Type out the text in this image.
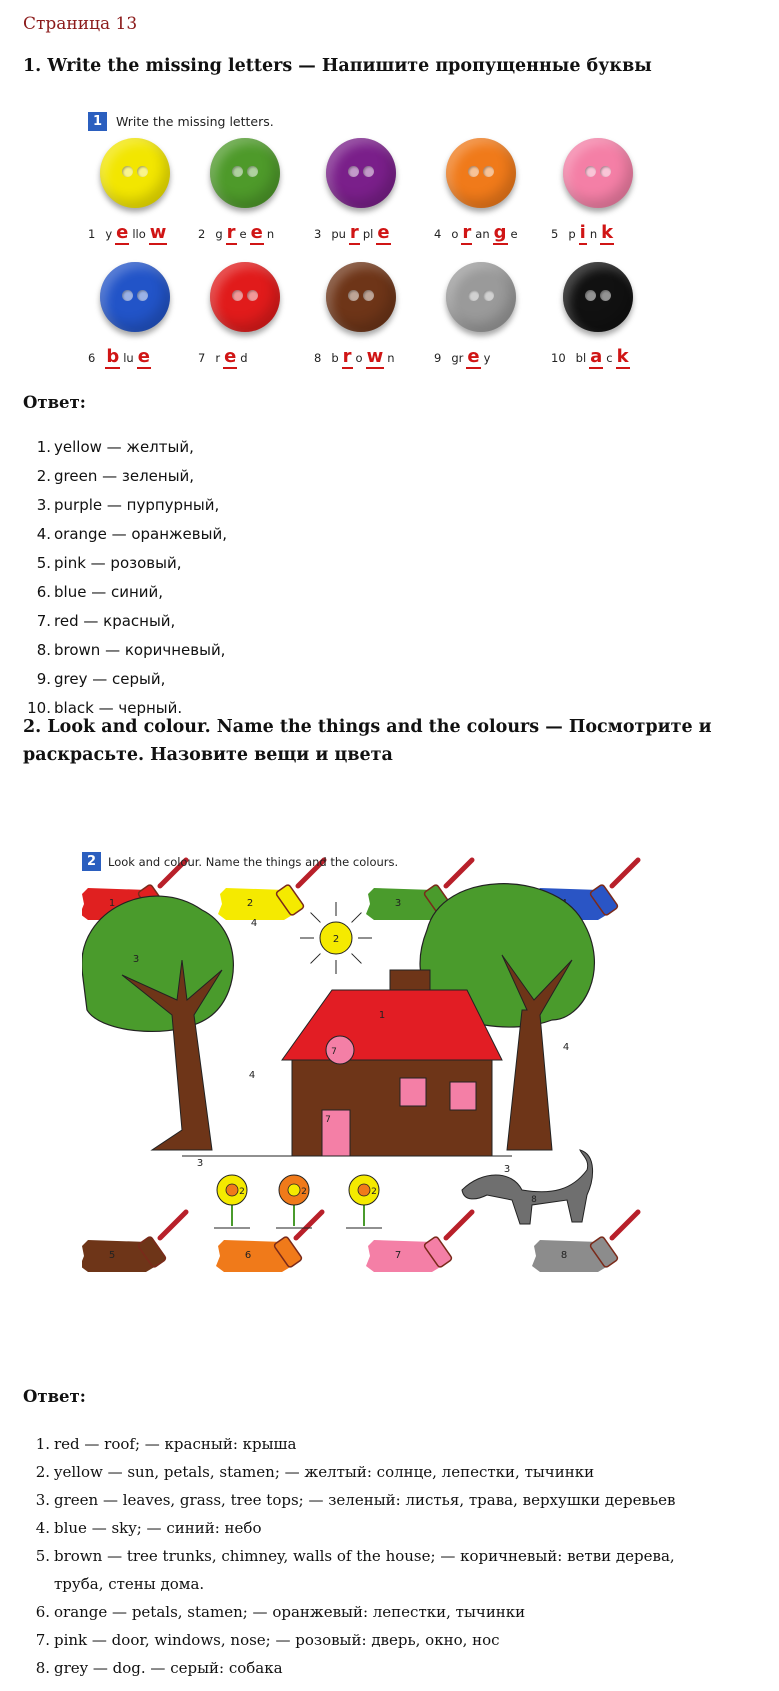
Страница 13
1. Write the missing letters — Напишите пропущенные буквы
1	Write the missing letters.
1 y e llo w	2 g r e e n	3 pu r pl e	4 o r an g e	5 p i n k
6 b lu e	7 r e d	8 b r o w n	9 gr e y	10 bl a c k
Ответ:
1. yellow — желтый,
2. green — зеленый,
3. purple — пурпурный,
4. orange — оранжевый,
5. pink — розовый,
6. blue — синий,
7. red — красный,
8. brown — коричневый,
9. grey — серый,
10. black — черный.
2. Look and colour. Name the things and the colours — Посмотрите и раскрасьте. Назовите вещи и цвета
1	2	3
5	6	7	8
2
4
3
1
7
7
4
4
3
3
2	2	2
8
2	Look and colour. Name the things and the colours.
Ответ:
1. red — roof; — красный: крыша
2. yellow — sun, petals, stamen; — желтый: солнце, лепестки, тычинки
3. green — leaves, grass, tree tops; — зеленый: листья, трава, верхушки деревьев
4. blue — sky; — синий: небо
5. brown — tree trunks, chimney, walls of the house; — коричневый: ветви дерева, труба, стены дома.
6. orange — petals, stamen; — оранжевый: лепестки, тычинки
7. pink — door, windows, nose; — розовый: дверь, окно, нос
8. grey — dog. — серый: собака
